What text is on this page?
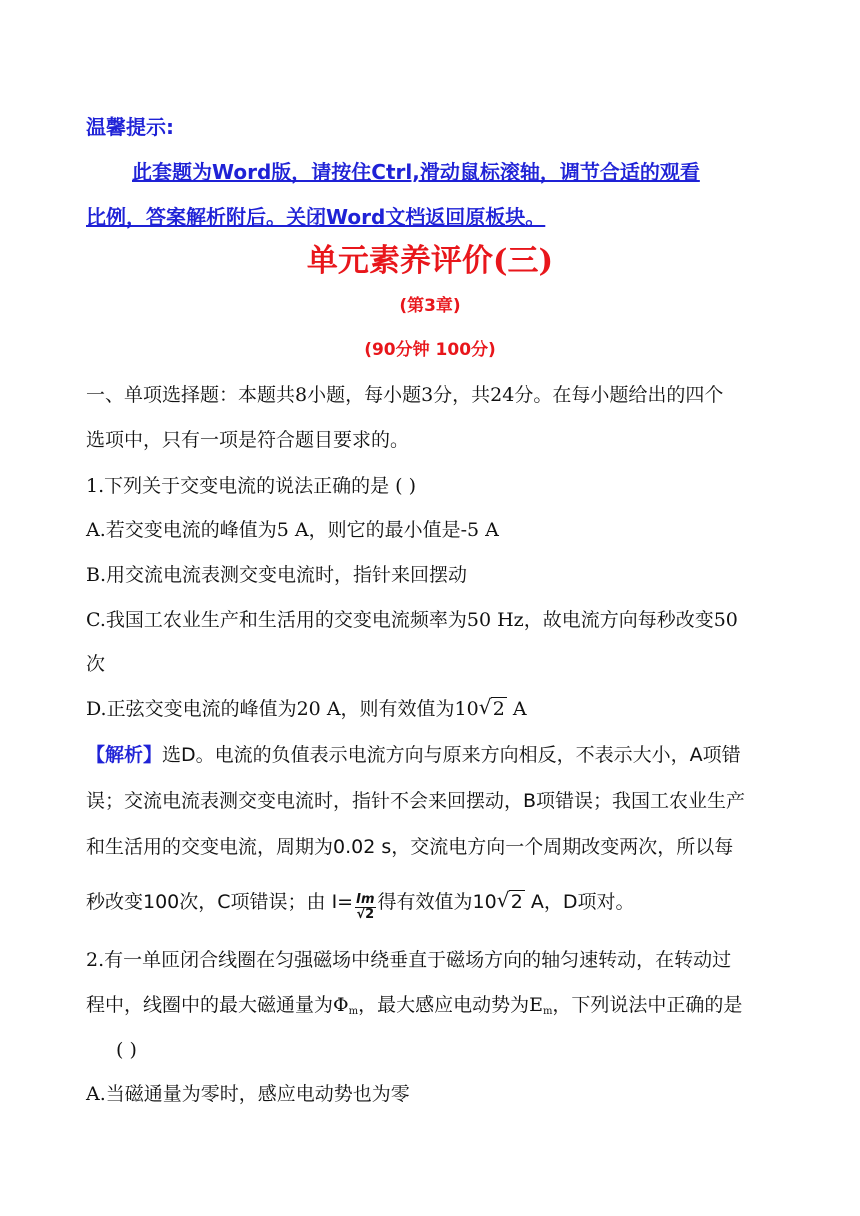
温馨提示:
此套题为Word版，请按住Ctrl,滑动鼠标滚轴，调节合适的观看
比例，答案解析附后。关闭Word文档返回原板块。
单元素养评价(三)
(第3章)
(90分钟 100分)
一、单项选择题：本题共8小题，每小题3分，共24分。在每小题给出的四个
选项中，只有一项是符合题目要求的。
1.下列关于交变电流的说法正确的是 ( )
A.若交变电流的峰值为5 A，则它的最小值是-5 A
B.用交流电流表测交变电流时，指针来回摆动
C.我国工农业生产和生活用的交变电流频率为50 Hz，故电流方向每秒改变50
次
D.正弦交变电流的峰值为20 A，则有效值为10 √ 2 A
【解析】选D。电流的负值表示电流方向与原来方向相反，不表示大小，A项错
误；交流电流表测交变电流时，指针不会来回摆动，B项错误；我国工农业生产
和生活用的交变电流，周期为0.02 s，交流电方向一个周期改变两次，所以每
秒改变100次，C项错误；由 $I= \frac{Im}{√2}$ 得有效值为10 √ 2 A，D项对。
2.有一单匝闭合线圈在匀强磁场中绕垂直于磁场方向的轴匀速转动，在转动过
程中，线圈中的最大磁通量为$\Phi_m$，最大感应电动势为$E_m$，下列说法中正确的是
( )
A.当磁通量为零时，感应电动势也为零
